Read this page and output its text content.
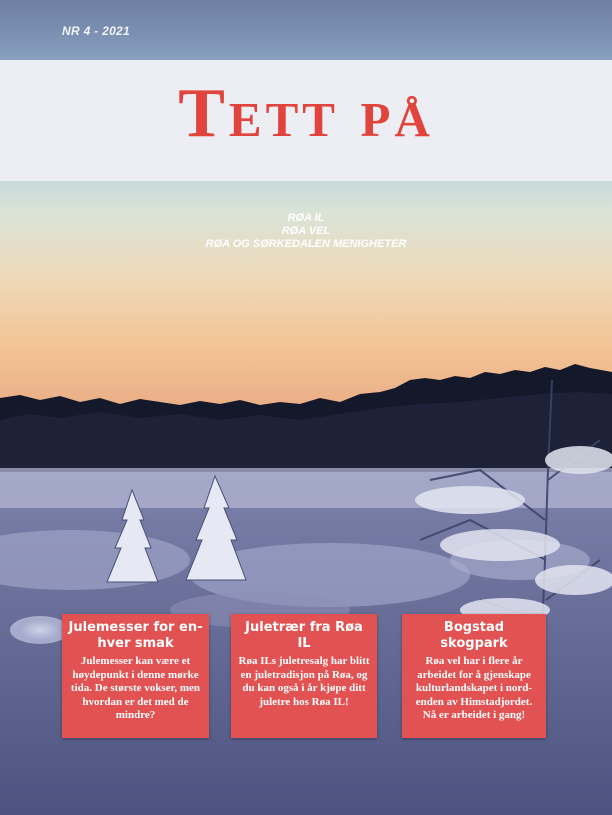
NR 4 - 2021
Tett på
RØA IL
RØA VEL
RØA OG SØRKEDALEN MENIGHETER
Julemesser for en-hver smak
Julemesser kan være et høydepunkt i denne mørke tida. De største vokser, men hvordan er det med de mindre?
Juletrær fra Røa IL
Røa ILs juletresalg har blitt en juletradisjon på Røa, og du kan også i år kjøpe ditt juletre hos Røa IL!
Bogstad skogpark
Røa vel har i flere år arbeidet for å gjenskape kulturlandskapet i nord-enden av Himstadjordet. Nå er arbeidet i gang!
